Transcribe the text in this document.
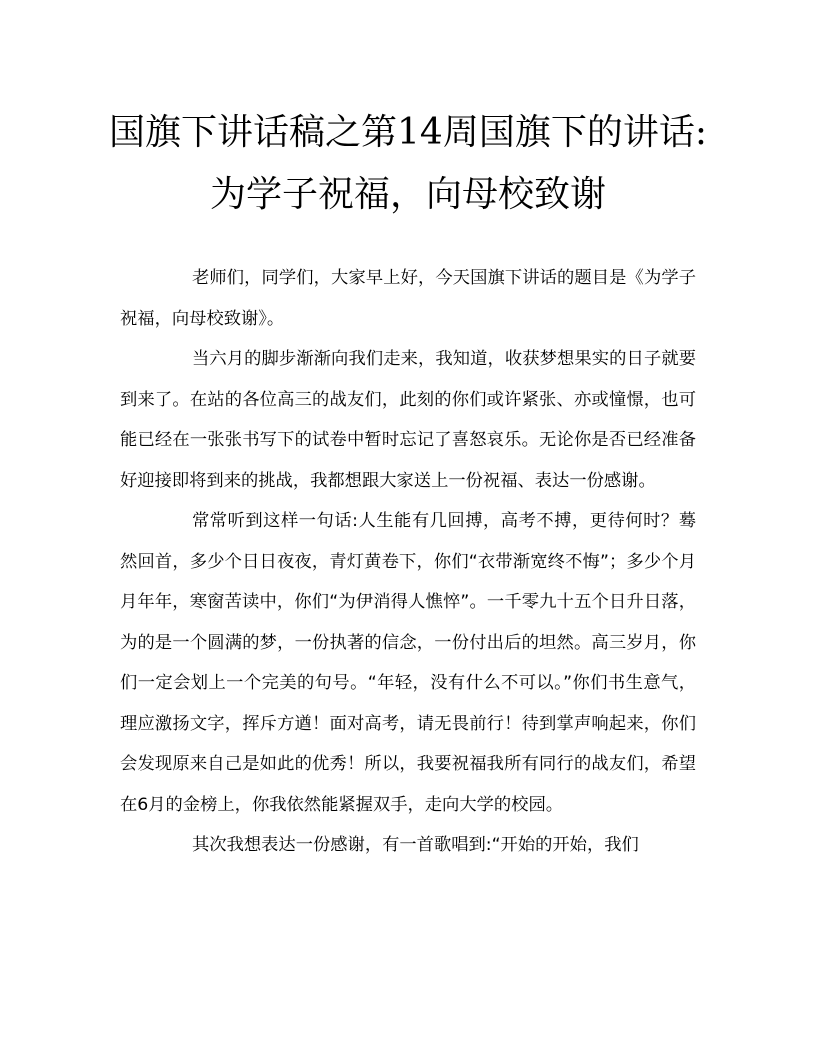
国旗下讲话稿之第14周国旗下的讲话:
为学子祝福，向母校致谢

老师们，同学们，大家早上好，今天国旗下讲话的题目是《为学子祝福，向母校致谢》。

当六月的脚步渐渐向我们走来，我知道，收获梦想果实的日子就要到来了。在站的各位高三的战友们，此刻的你们或许紧张、亦或憧憬，也可能已经在一张张书写下的试卷中暂时忘记了喜怒哀乐。无论你是否已经准备好迎接即将到来的挑战，我都想跟大家送上一份祝福、表达一份感谢。

常常听到这样一句话:人生能有几回搏，高考不搏，更待何时？蓦然回首，多少个日日夜夜，青灯黄卷下，你们“衣带渐宽终不悔”；多少个月月年年，寒窗苦读中，你们“为伊消得人憔悴”。一千零九十五个日升日落，为的是一个圆满的梦，一份执著的信念，一份付出后的坦然。高三岁月，你们一定会划上一个完美的句号。“年轻，没有什么不可以。”你们书生意气，理应激扬文字，挥斥方遒！面对高考，请无畏前行！待到掌声响起来，你们会发现原来自己是如此的优秀！所以，我要祝福我所有同行的战友们，希望在6月的金榜上，你我依然能紧握双手，走向大学的校园。

其次我想表达一份感谢，有一首歌唱到:“开始的开始，我们
